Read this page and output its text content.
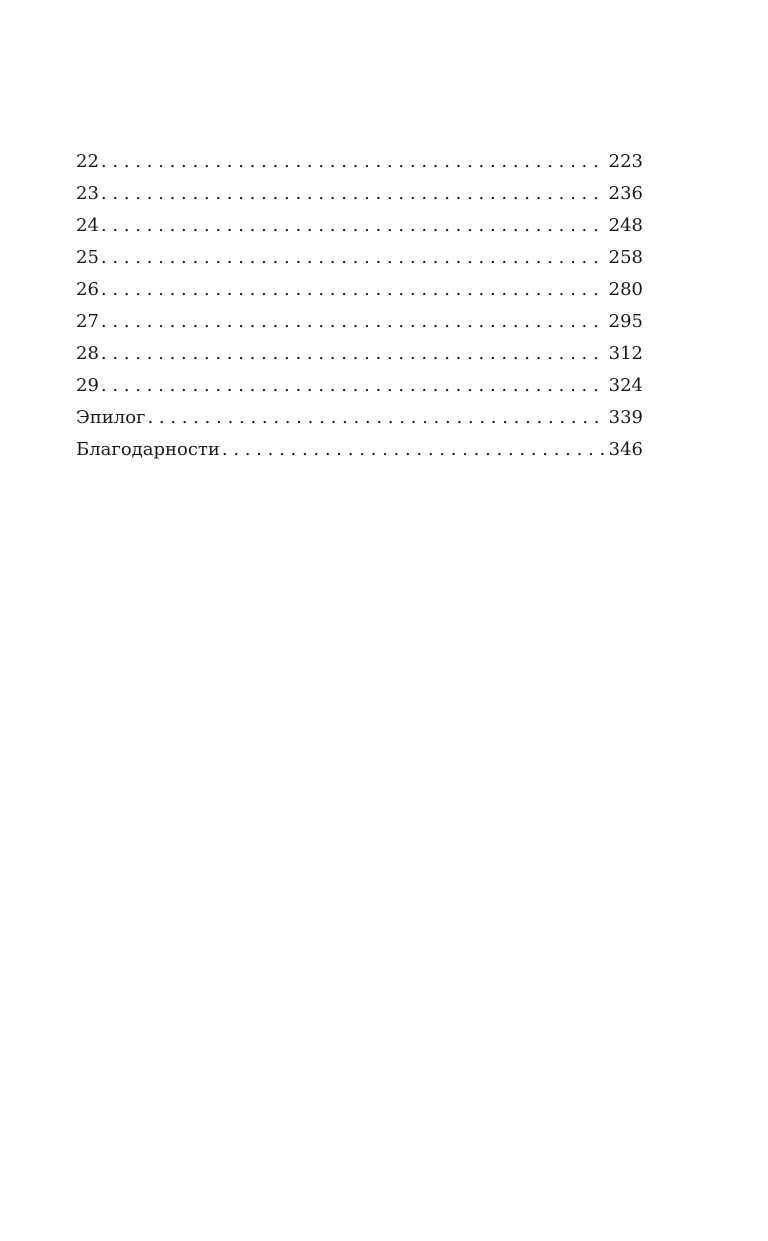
22 . . .	223
23 . . .	236
24 . . .	248
25 . . .	258
26 . . .	280
27 . . .	295
28 . . .	312
29 . . .	324
Эпилог . . .	339
Благодарности . . .	346
